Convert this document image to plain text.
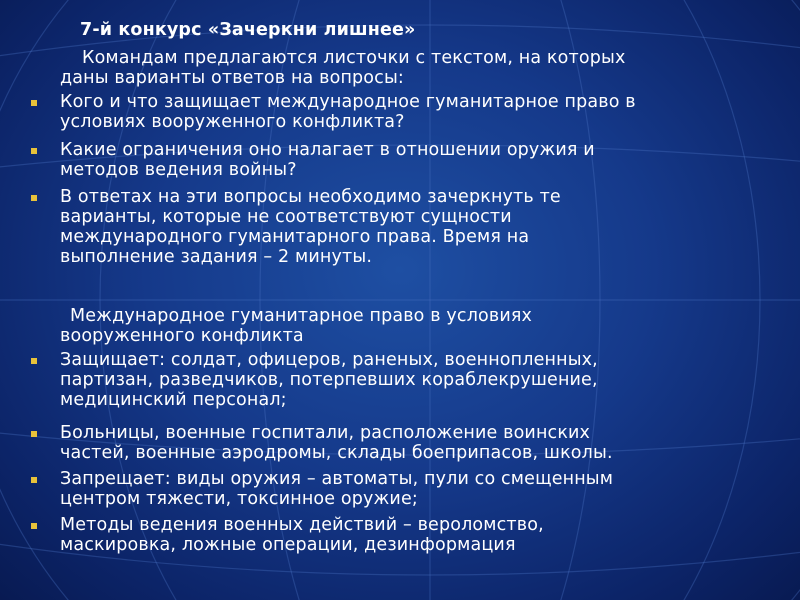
7-й конкурс «Зачеркни лишнее»
Командам предлагаются листочки с текстом, на которых
даны варианты ответов на вопросы:
Кого и что защищает международное гуманитарное право в
условиях вооруженного конфликта?
Какие ограничения оно налагает в отношении оружия и
методов ведения войны?
В ответах на эти вопросы необходимо зачеркнуть те
варианты, которые не соответствуют сущности
международного гуманитарного права. Время на
выполнение задания – 2 минуты.
Международное гуманитарное право в условиях
вооруженного конфликта
Защищает: солдат, офицеров, раненых, военнопленных,
партизан, разведчиков, потерпевших кораблекрушение,
медицинский персонал;
Больницы, военные госпитали, расположение воинских
частей, военные аэродромы, склады боеприпасов, школы.
Запрещает: виды оружия – автоматы, пули со смещенным
центром тяжести, токсинное оружие;
Методы ведения военных действий – вероломство,
маскировка, ложные операции, дезинформация
